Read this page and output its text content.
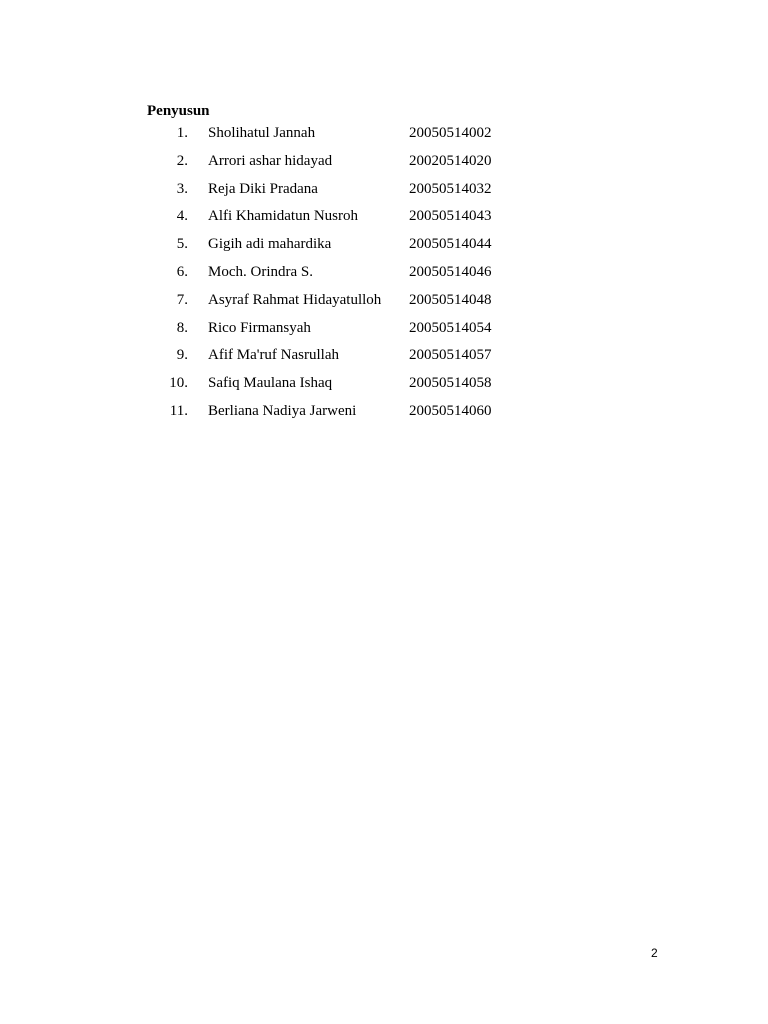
Penyusun
1. Sholihatul Jannah	20050514002
2. Arrori ashar hidayad	20020514020
3. Reja Diki Pradana	20050514032
4. Alfi Khamidatun Nusroh	20050514043
5. Gigih adi mahardika	20050514044
6. Moch. Orindra S.	20050514046
7. Asyraf Rahmat Hidayatulloh 20050514048
8. Rico Firmansyah	20050514054
9. Afif Ma'ruf Nasrullah	20050514057
10. Safiq Maulana Ishaq	20050514058
11. Berliana Nadiya Jarweni	20050514060
2
